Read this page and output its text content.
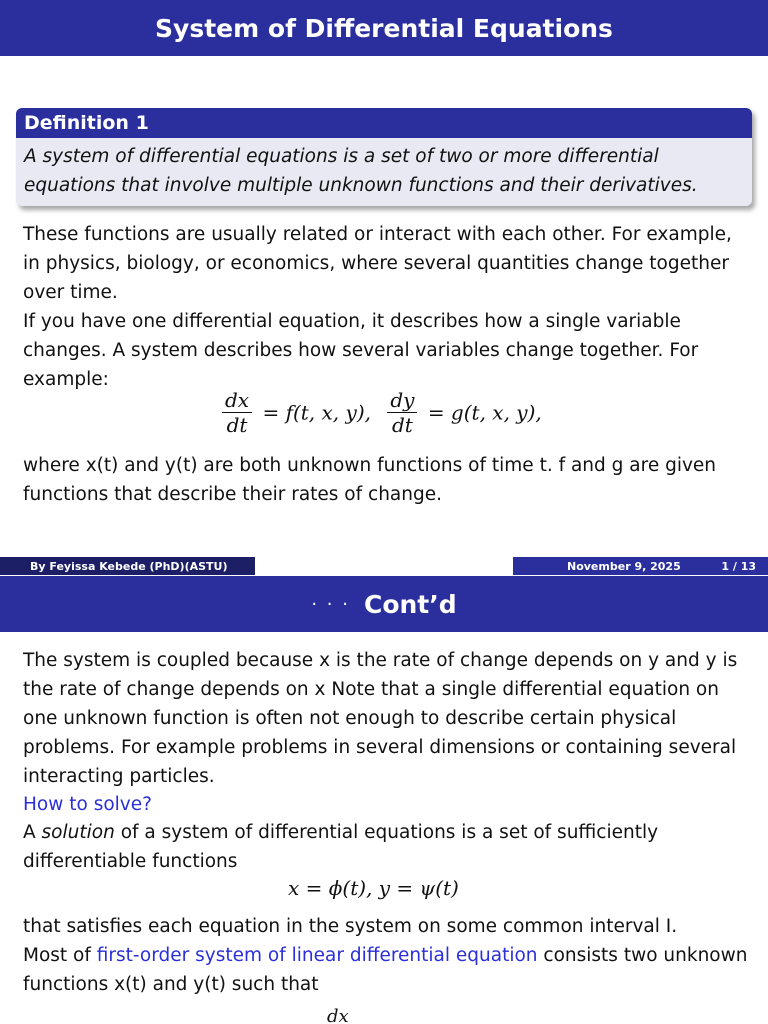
System of Differential Equations
Definition 1
A system of differential equations is a set of two or more differential equations that involve multiple unknown functions and their derivatives.
These functions are usually related or interact with each other. For example, in physics, biology, or economics, where several quantities change together over time.
If you have one differential equation, it describes how a single variable changes. A system describes how several variables change together. For example:
$\frac{dx}{dt} = f(t$, x, y), $\frac{dy}{dt} = g(t$, x, y),
where x(t) and y(t) are both unknown functions of time t. f and g are given functions that describe their rates of change.
By Feyissa Kebede (PhD)(ASTU)	November 9, 2025	1 / 13
· · · Cont’d
The system is coupled because x is the rate of change depends on y and y is the rate of change depends on x Note that a single differential equation on one unknown function is often not enough to describe certain physical problems. For example problems in several dimensions or containing several interacting particles.
How to solve?
A solution of a system of differential equations is a set of sufficiently differentiable functions
x = ϕ(t), y = ψ(t)
that satisfies each equation in the system on some common interval I.
Most of first-order system of linear differential equation consists two unknown functions x(t) and y(t) such that
dx
